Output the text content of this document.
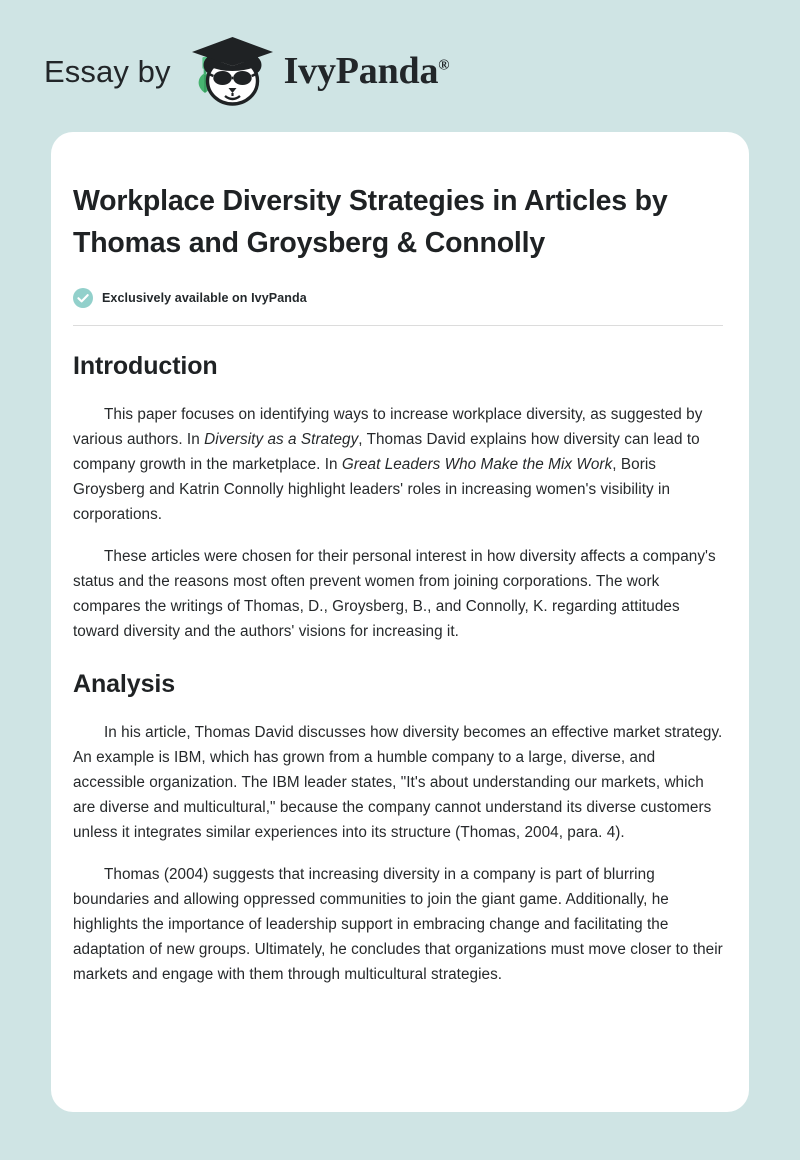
Essay by	IvyPanda®
Workplace Diversity Strategies in Articles by Thomas and Groysberg & Connolly
Exclusively available on IvyPanda
Introduction

This paper focuses on identifying ways to increase workplace diversity, as suggested by various authors. In Diversity as a Strategy, Thomas David explains how diversity can lead to company growth in the marketplace. In Great Leaders Who Make the Mix Work, Boris Groysberg and Katrin Connolly highlight leaders' roles in increasing women's visibility in corporations.

These articles were chosen for their personal interest in how diversity affects a company's status and the reasons most often prevent women from joining corporations. The work compares the writings of Thomas, D., Groysberg, B., and Connolly, K. regarding attitudes toward diversity and the authors' visions for increasing it.

Analysis

In his article, Thomas David discusses how diversity becomes an effective market strategy. An example is IBM, which has grown from a humble company to a large, diverse, and accessible organization. The IBM leader states, "It's about understanding our markets, which are diverse and multicultural," because the company cannot understand its diverse customers unless it integrates similar experiences into its structure (Thomas, 2004, para. 4).

Thomas (2004) suggests that increasing diversity in a company is part of blurring boundaries and allowing oppressed communities to join the giant game. Additionally, he highlights the importance of leadership support in embracing change and facilitating the adaptation of new groups. Ultimately, he concludes that organizations must move closer to their markets and engage with them through multicultural strategies.
